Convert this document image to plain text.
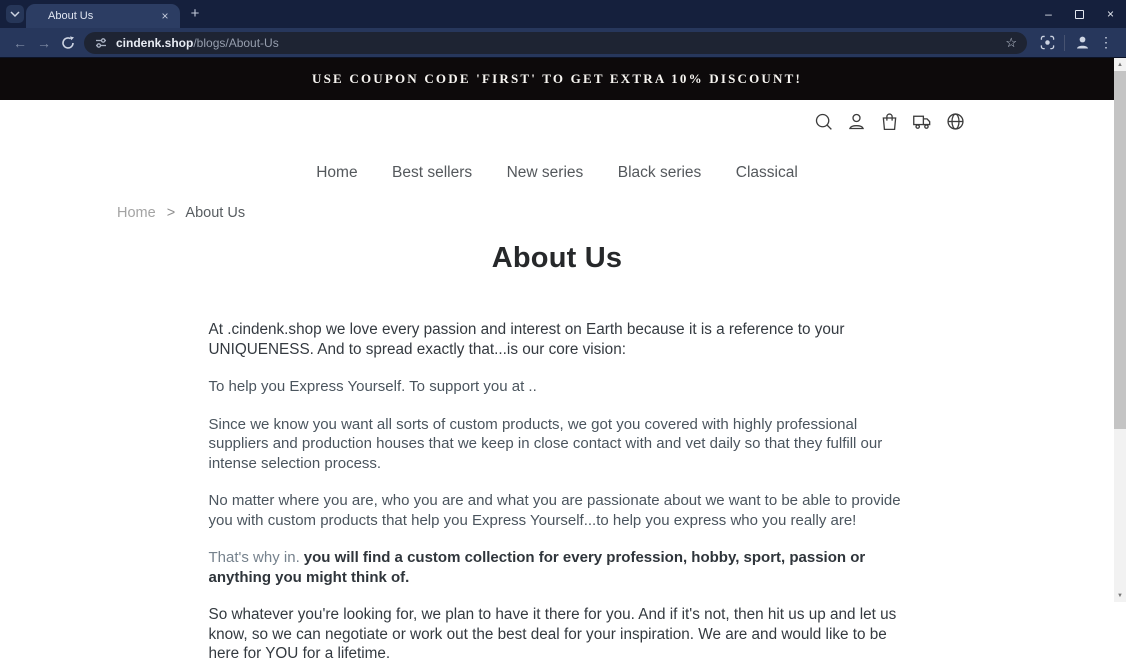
About Us	×	+	–	×
← →	cindenk.shop/blogs/About-Us	☆	⋮
USE COUPON CODE 'FIRST' TO GET EXTRA 10% DISCOUNT!
Home Best sellers New series Black series Classical
Home > About Us
About Us

At .cindenk.shop we love every passion and interest on Earth because it is a reference to your UNIQUENESS. And to spread exactly that...is our core vision:

To help you Express Yourself. To support you at ..

Since we know you want all sorts of custom products, we got you covered with highly professional suppliers and production houses that we keep in close contact with and vet daily so that they fulfill our intense selection process.

No matter where you are, who you are and what you are passionate about we want to be able to provide you with custom products that help you Express Yourself...to help you express who you really are!

That's why in. you will find a custom collection for every profession, hobby, sport, passion or anything you might think of.

So whatever you're looking for, we plan to have it there for you. And if it's not, then hit us up and let us know, so we can negotiate or work out the best deal for your inspiration. We are and would like to be here for YOU for a lifetime.

▲
▼
